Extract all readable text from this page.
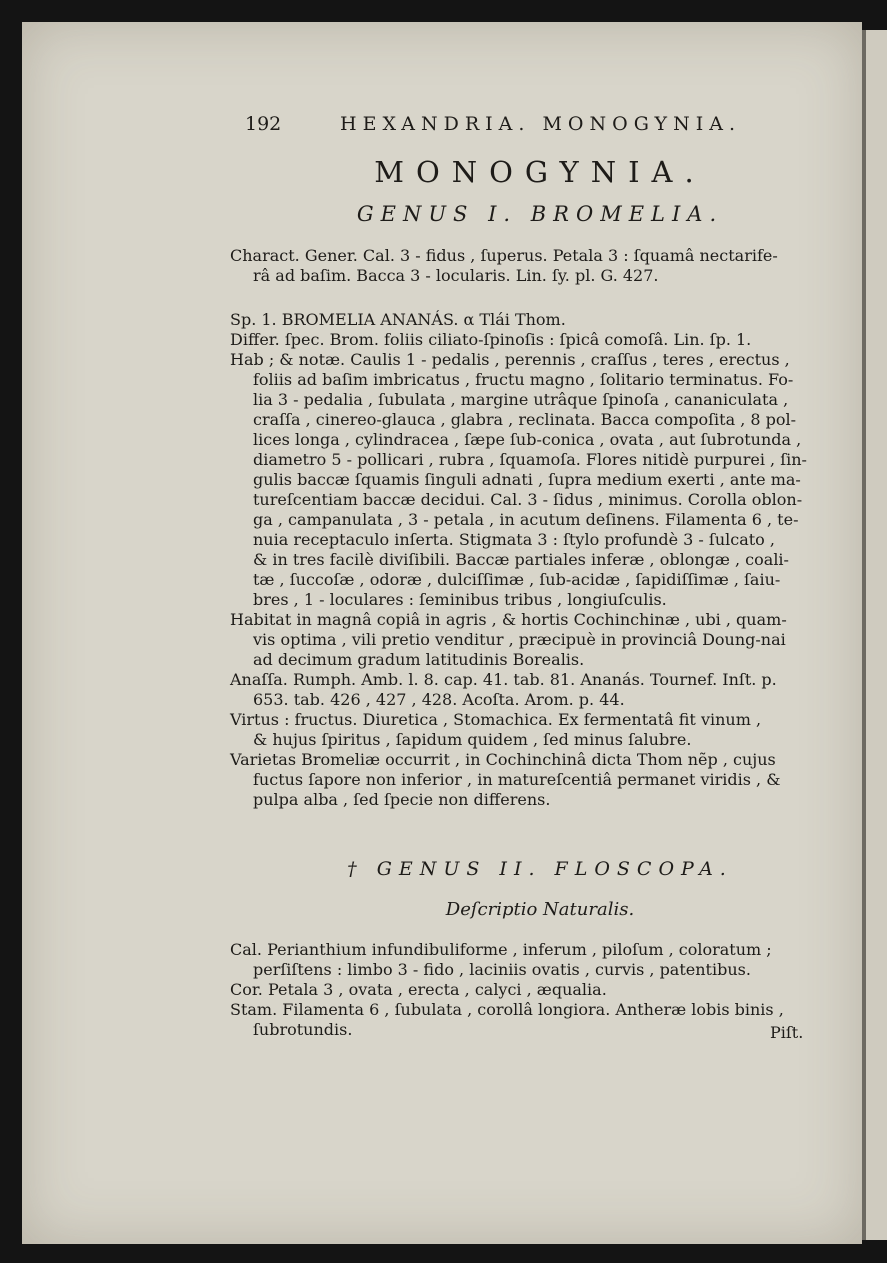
192	HEXANDRIA. MONOGYNIA.
MONOGYNIA.
GENUS I. BROMELIA.

Charact. Gener. Cal. 3 - fidus , ſuperus. Petala 3 : ſquamâ nectarife-

râ ad baſim. Bacca 3 - locularis. Lin. ſy. pl. G. 427.

Sp. 1. BROMELIA ANANÁS. α Tlái Thom.

Differ. ſpec. Brom. foliis ciliato-ſpinoſis : ſpicâ comoſâ. Lin. ſp. 1.

Hab ; & notæ. Caulis 1 - pedalis , perennis , craſſus , teres , erectus ,

foliis ad baſim imbricatus , fructu magno , ſolitario terminatus. Fo-

lia 3 - pedalia , ſubulata , margine utrâque ſpinoſa , cananiculata ,

craſſa , cinereo-glauca , glabra , reclinata. Bacca compoſita , 8 pol-

lices longa , cylindracea , ſæpe ſub-conica , ovata , aut ſubrotunda ,

diametro 5 - pollicari , rubra , ſquamoſa. Flores nitidè purpurei , ſin-

gulis baccæ ſquamis ſinguli adnati , ſupra medium exerti , ante ma-

tureſcentiam baccæ decidui. Cal. 3 - ſidus , minimus. Corolla oblon-

ga , campanulata , 3 - petala , in acutum deſinens. Filamenta 6 , te-

nuia receptaculo inſerta. Stigmata 3 : ſtylo profundè 3 - ſulcato ,

& in tres facilè diviſibili. Baccæ partiales inferæ , oblongæ , coali-

tæ , ſuccoſæ , odoræ , dulciſſimæ , ſub-acidæ , ſapidiſſimæ , ſaiu-

bres , 1 - loculares : ſeminibus tribus , longiuſculis.

Habitat in magnâ copiâ in agris , & hortis Cochinchinæ , ubi , quam-

vis optima , vili pretio venditur , præcipuè in provinciâ Doung-nai

ad decimum gradum latitudinis Borealis.

Anaſſa. Rumph. Amb. l. 8. cap. 41. tab. 81. Ananás. Tournef. Inſt. p.

653. tab. 426 , 427 , 428. Acoſta. Arom. p. 44.

Virtus : fructus. Diuretica , Stomachica. Ex fermentatâ fit vinum ,

& hujus ſpiritus , ſapidum quidem , ſed minus ſalubre.

Varietas Bromeliæ occurrit , in Cochinchinâ dicta Thom nẽp , cujus

fuctus ſapore non inferior , in matureſcentiâ permanet viridis , &

pulpa alba , ſed ſpecie non differens.

† GENUS II. FLOSCOPA.
Deſcriptio Naturalis.

Cal. Perianthium infundibuliforme , inferum , piloſum , coloratum ;

perſiſtens : limbo 3 - fido , laciniis ovatis , curvis , patentibus.

Cor. Petala 3 , ovata , erecta , calyci , æqualia.

Stam. Filamenta 6 , ſubulata , corollâ longiora. Antheræ lobis binis ,

ſubrotundis.	Piſt.
